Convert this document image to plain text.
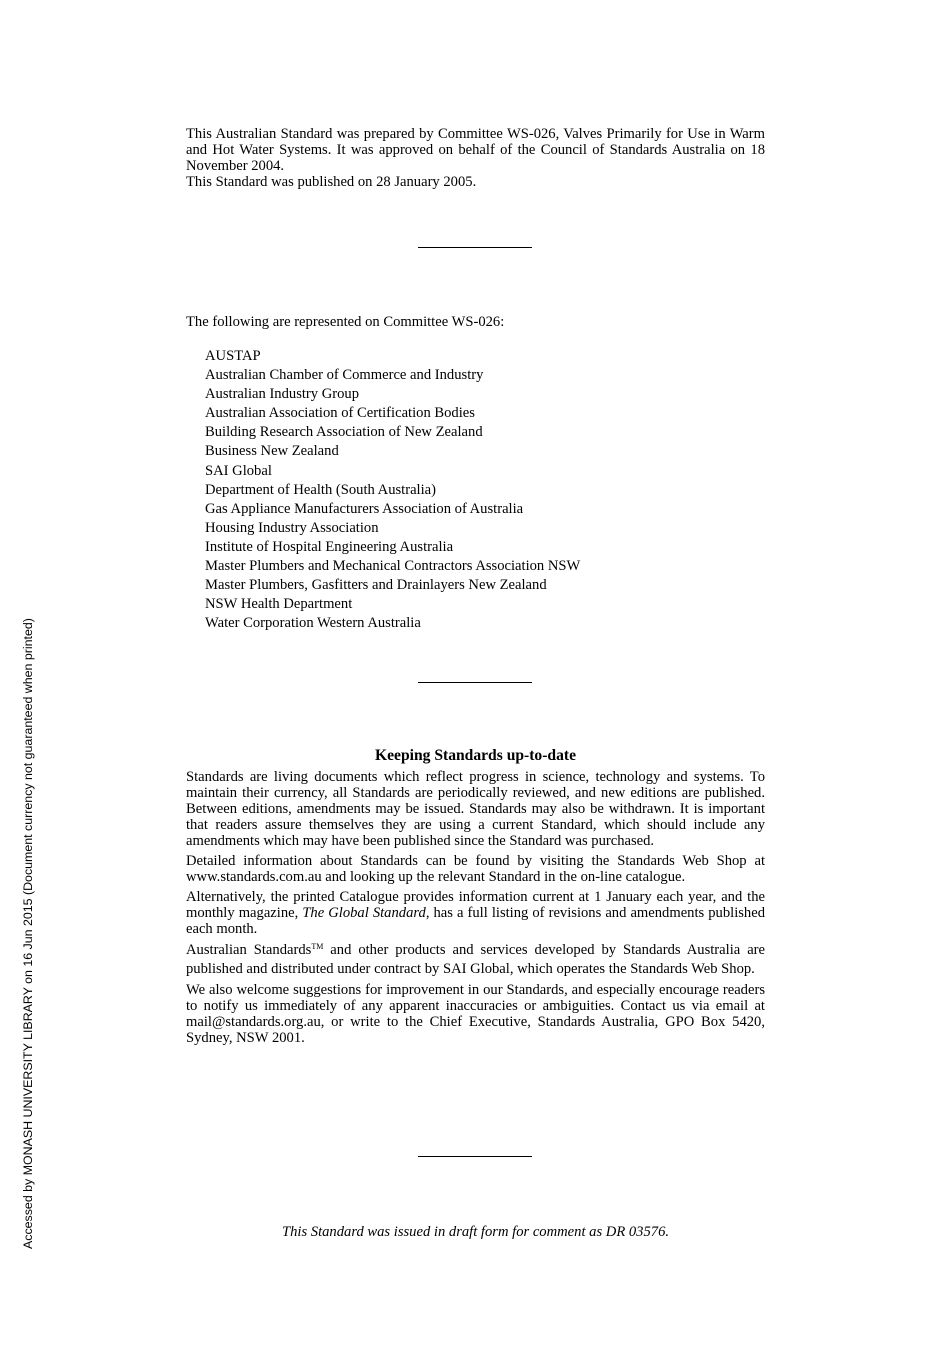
Accessed by MONASH UNIVERSITY LIBRARY on 16 Jun 2015 (Document currency not guaranteed when printed)

This Australian Standard was prepared by Committee WS-026, Valves Primarily for Use in Warm and Hot Water Systems. It was approved on behalf of the Council of Standards Australia on 18 November 2004.

This Standard was published on 28 January 2005.

The following are represented on Committee WS-026:

AUSTAP
Australian Chamber of Commerce and Industry
Australian Industry Group
Australian Association of Certification Bodies
Building Research Association of New Zealand
Business New Zealand
SAI Global
Department of Health (South Australia)
Gas Appliance Manufacturers Association of Australia
Housing Industry Association
Institute of Hospital Engineering Australia
Master Plumbers and Mechanical Contractors Association NSW
Master Plumbers, Gasfitters and Drainlayers New Zealand
NSW Health Department
Water Corporation Western Australia
Keeping Standards up-to-date

Standards are living documents which reflect progress in science, technology and systems. To maintain their currency, all Standards are periodically reviewed, and new editions are published. Between editions, amendments may be issued. Standards may also be withdrawn. It is important that readers assure themselves they are using a current Standard, which should include any amendments which may have been published since the Standard was purchased.

Detailed information about Standards can be found by visiting the Standards Web Shop at www.standards.com.au and looking up the relevant Standard in the on-line catalogue.

Alternatively, the printed Catalogue provides information current at 1 January each year, and the monthly magazine, The Global Standard, has a full listing of revisions and amendments published each month.

Australian Standards™ and other products and services developed by Standards Australia are published and distributed under contract by SAI Global, which operates the Standards Web Shop.

We also welcome suggestions for improvement in our Standards, and especially encourage readers to notify us immediately of any apparent inaccuracies or ambiguities. Contact us via email at mail@standards.org.au, or write to the Chief Executive, Standards Australia, GPO Box 5420, Sydney, NSW 2001.

This Standard was issued in draft form for comment as DR 03576.
